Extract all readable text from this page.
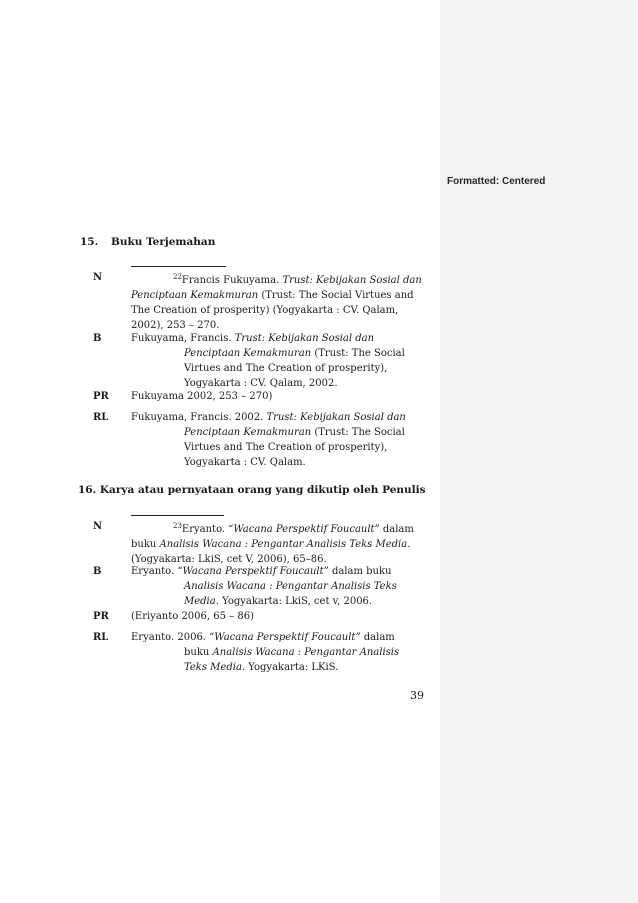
Formatted: Centered
15. Buku Terjemahan
N	$^{22}$Francis Fukuyama. Trust: Kebijakan Sosial dan Penciptaan Kemakmuran (Trust: The Social Virtues and The Creation of prosperity) (Yogyakarta : CV. Qalam, 2002), 253 – 270.

B	Fukuyama, Francis. Trust: Kebijakan Sosial dan Penciptaan Kemakmuran (Trust: The Social Virtues and The Creation of prosperity), Yogyakarta : CV. Qalam, 2002.

PR Fukuyama 2002, 253 – 270)

RL Fukuyama, Francis. 2002. Trust: Kebijakan Sosial dan Penciptaan Kemakmuran (Trust: The Social Virtues and The Creation of prosperity), Yogyakarta : CV. Qalam.

16. Karya atau pernyataan orang yang dikutip oleh Penulis
N	$^{23}$Eryanto. “Wacana Perspektif Foucault” dalam buku Analisis Wacana : Pengantar Analisis Teks Media. (Yogyakarta: LkiS, cet V, 2006), 65–86.

B	Eryanto. “Wacana Perspektif Foucault” dalam buku Analisis Wacana : Pengantar Analisis Teks Media. Yogyakarta: LkiS, cet v, 2006.

PR (Eriyanto 2006, 65 – 86)

RL Eryanto. 2006. “Wacana Perspektif Foucault” dalam buku Analisis Wacana : Pengantar Analisis Teks Media. Yogyakarta: LKiS.

39
